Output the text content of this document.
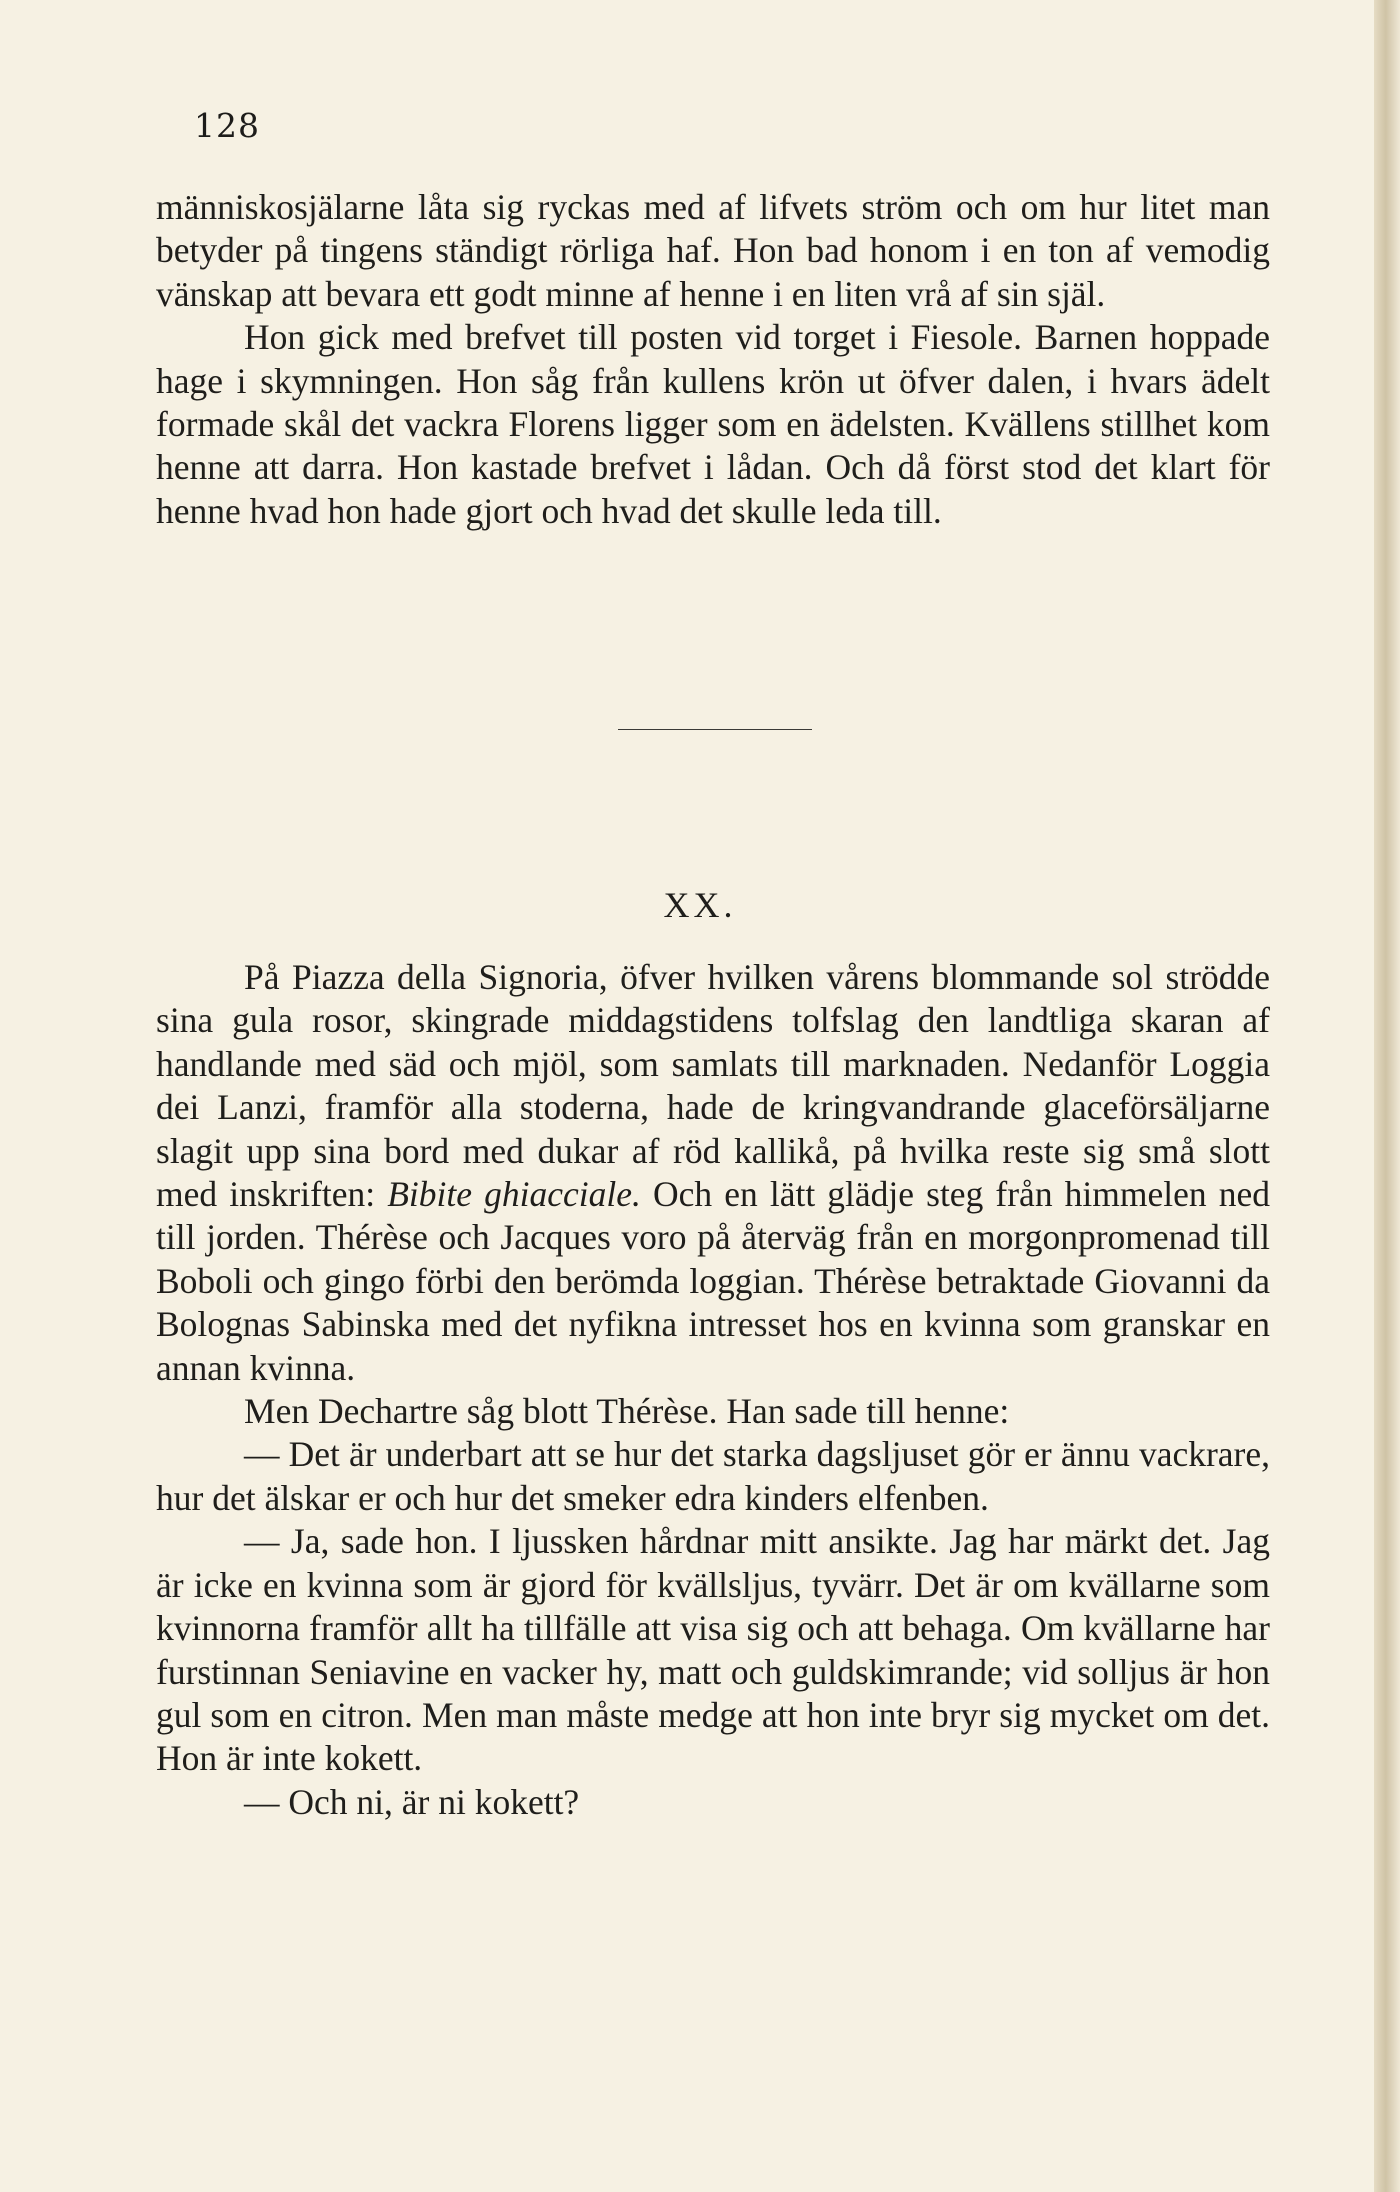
128

människosjälarne låta sig ryckas med af lifvets ström och om hur litet man betyder på tingens ständigt rörliga haf. Hon bad honom i en ton af vemodig vänskap att bevara ett godt minne af henne i en liten vrå af sin själ.

Hon gick med brefvet till posten vid torget i Fiesole. Barnen hoppade hage i skymningen. Hon såg från kullens krön ut öfver dalen, i hvars ädelt formade skål det vackra Florens ligger som en ädelsten. Kvällens stillhet kom henne att darra. Hon kastade brefvet i lådan. Och då först stod det klart för henne hvad hon hade gjort och hvad det skulle leda till.

XX.

På Piazza della Signoria, öfver hvilken vårens blommande sol strödde sina gula rosor, skingrade middagstidens tolfslag den landtliga skaran af handlande med säd och mjöl, som samlats till marknaden. Nedanför Loggia dei Lanzi, framför alla stoderna, hade de kringvandrande glaceförsäljarne slagit upp sina bord med dukar af röd kallikå, på hvilka reste sig små slott med inskriften: Bibite ghiacciale. Och en lätt glädje steg från himmelen ned till jorden. Thérèse och Jacques voro på återväg från en morgonpromenad till Boboli och gingo förbi den berömda loggian. Thérèse betraktade Giovanni da Bolognas Sabinska med det nyfikna intresset hos en kvinna som granskar en annan kvinna.

Men Dechartre såg blott Thérèse. Han sade till henne:

— Det är underbart att se hur det starka dagsljuset gör er ännu vackrare, hur det älskar er och hur det smeker edra kinders elfenben.

— Ja, sade hon. I ljussken hårdnar mitt ansikte. Jag har märkt det. Jag är icke en kvinna som är gjord för kvällsljus, tyvärr. Det är om kvällarne som kvinnorna framför allt ha tillfälle att visa sig och att behaga. Om kvällarne har furstinnan Seniavine en vacker hy, matt och guldskimrande; vid solljus är hon gul som en citron. Men man måste medge att hon inte bryr sig mycket om det. Hon är inte kokett.

— Och ni, är ni kokett?
